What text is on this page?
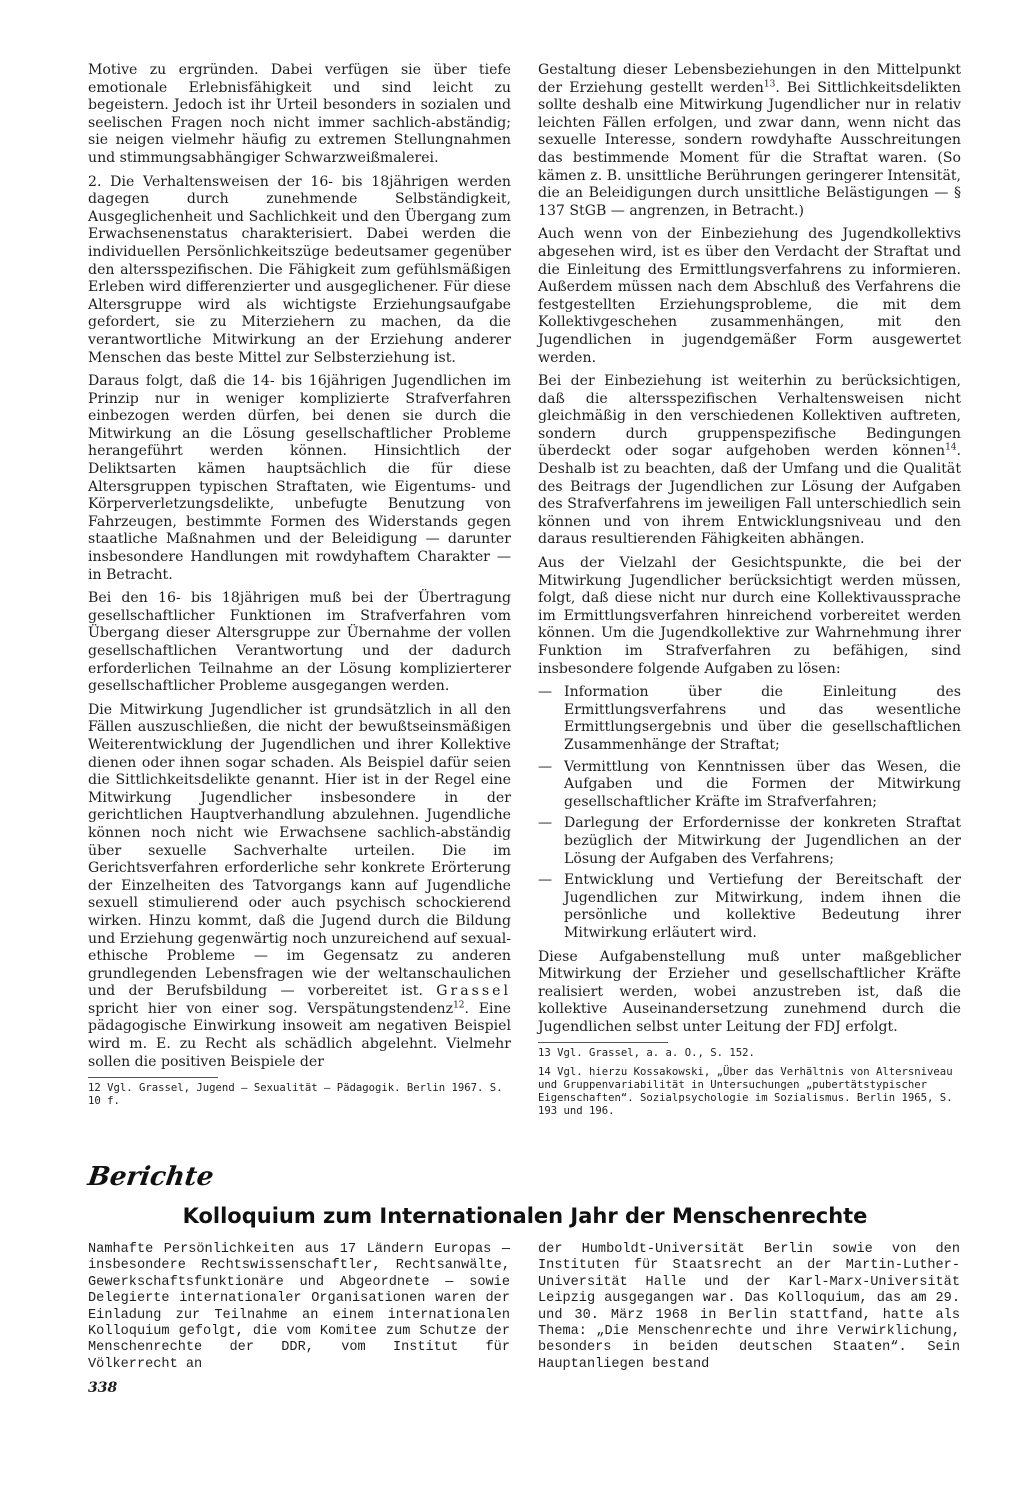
Motive zu ergründen. Dabei verfügen sie über tiefe emotionale Erlebnisfähigkeit und sind leicht zu begeistern. Jedoch ist ihr Urteil besonders in sozialen und seelischen Fragen noch nicht immer sachlich-abständig; sie neigen vielmehr häufig zu extremen Stellungnahmen und stimmungsabhängiger Schwarzweißmalerei.

2. Die Verhaltensweisen der 16- bis 18jährigen werden dagegen durch zunehmende Selbständigkeit, Ausgeglichenheit und Sachlichkeit und den Übergang zum Erwachsenenstatus charakterisiert. Dabei werden die individuellen Persönlichkeitszüge bedeutsamer gegenüber den altersspezifischen. Die Fähigkeit zum gefühlsmäßigen Erleben wird differenzierter und ausgeglichener. Für diese Altersgruppe wird als wichtigste Erziehungsaufgabe gefordert, sie zu Miterziehern zu machen, da die verantwortliche Mitwirkung an der Erziehung anderer Menschen das beste Mittel zur Selbsterziehung ist.

Daraus folgt, daß die 14- bis 16jährigen Jugendlichen im Prinzip nur in weniger komplizierte Strafverfahren einbezogen werden dürfen, bei denen sie durch die Mitwirkung an die Lösung gesellschaftlicher Probleme herangeführt werden können. Hinsichtlich der Deliktsarten kämen hauptsächlich die für diese Altersgruppen typischen Straftaten, wie Eigentums- und Körperverletzungsdelikte, unbefugte Benutzung von Fahrzeugen, bestimmte Formen des Widerstands gegen staatliche Maßnahmen und der Beleidigung — darunter insbesondere Handlungen mit rowdyhaftem Charakter — in Betracht.

Bei den 16- bis 18jährigen muß bei der Übertragung gesellschaftlicher Funktionen im Strafverfahren vom Übergang dieser Altersgruppe zur Übernahme der vollen gesellschaftlichen Verantwortung und der dadurch erforderlichen Teilnahme an der Lösung komplizierterer gesellschaftlicher Probleme ausgegangen werden.

Die Mitwirkung Jugendlicher ist grundsätzlich in all den Fällen auszuschließen, die nicht der bewußtseinsmäßigen Weiterentwicklung der Jugendlichen und ihrer Kollektive dienen oder ihnen sogar schaden. Als Beispiel dafür seien die Sittlichkeitsdelikte genannt. Hier ist in der Regel eine Mitwirkung Jugendlicher insbesondere in der gerichtlichen Hauptverhandlung abzulehnen. Jugendliche können noch nicht wie Erwachsene sachlich-abständig über sexuelle Sachverhalte urteilen. Die im Gerichtsverfahren erforderliche sehr konkrete Erörterung der Einzelheiten des Tatvorgangs kann auf Jugendliche sexuell stimulierend oder auch psychisch schockierend wirken. Hinzu kommt, daß die Jugend durch die Bildung und Erziehung gegenwärtig noch unzureichend auf sexual-ethische Probleme — im Gegensatz zu anderen grundlegenden Lebensfragen wie der weltanschaulichen und der Berufsbildung — vorbereitet ist. Grassel spricht hier von einer sog. Verspätungstendenz$^{12}$. Eine pädagogische Einwirkung insoweit am negativen Beispiel wird m. E. zu Recht als schädlich abgelehnt. Vielmehr sollen die positiven Beispiele der

12 Vgl. Grassel, Jugend — Sexualität — Pädagogik. Berlin 1967. S. 10 f.

Gestaltung dieser Lebensbeziehungen in den Mittelpunkt der Erziehung gestellt werden$^{13}$. Bei Sittlichkeitsdelikten sollte deshalb eine Mitwirkung Jugendlicher nur in relativ leichten Fällen erfolgen, und zwar dann, wenn nicht das sexuelle Interesse, sondern rowdyhafte Ausschreitungen das bestimmende Moment für die Straftat waren. (So kämen z. B. unsittliche Berührungen geringerer Intensität, die an Beleidigungen durch unsittliche Belästigungen — § 137 StGB — angrenzen, in Betracht.)

Auch wenn von der Einbeziehung des Jugendkollektivs abgesehen wird, ist es über den Verdacht der Straftat und die Einleitung des Ermittlungsverfahrens zu informieren. Außerdem müssen nach dem Abschluß des Verfahrens die festgestellten Erziehungsprobleme, die mit dem Kollektivgeschehen zusammenhängen, mit den Jugendlichen in jugendgemäßer Form ausgewertet werden.

Bei der Einbeziehung ist weiterhin zu berücksichtigen, daß die altersspezifischen Verhaltensweisen nicht gleichmäßig in den verschiedenen Kollektiven auftreten, sondern durch gruppenspezifische Bedingungen überdeckt oder sogar aufgehoben werden können$^{14}$. Deshalb ist zu beachten, daß der Umfang und die Qualität des Beitrags der Jugendlichen zur Lösung der Aufgaben des Strafverfahrens im jeweiligen Fall unterschiedlich sein können und von ihrem Entwicklungsniveau und den daraus resultierenden Fähigkeiten abhängen.

Aus der Vielzahl der Gesichtspunkte, die bei der Mitwirkung Jugendlicher berücksichtigt werden müssen, folgt, daß diese nicht nur durch eine Kollektivaussprache im Ermittlungsverfahren hinreichend vorbereitet werden können. Um die Jugendkollektive zur Wahrnehmung ihrer Funktion im Strafverfahren zu befähigen, sind insbesondere folgende Aufgaben zu lösen:

— Information über die Einleitung des Ermittlungsverfahrens und das wesentliche Ermittlungsergebnis und über die gesellschaftlichen Zusammenhänge der Straftat;
— Vermittlung von Kenntnissen über das Wesen, die Aufgaben und die Formen der Mitwirkung gesellschaftlicher Kräfte im Strafverfahren;
— Darlegung der Erfordernisse der konkreten Straftat bezüglich der Mitwirkung der Jugendlichen an der Lösung der Aufgaben des Verfahrens;
— Entwicklung und Vertiefung der Bereitschaft der Jugendlichen zur Mitwirkung, indem ihnen die persönliche und kollektive Bedeutung ihrer Mitwirkung erläutert wird.

Diese Aufgabenstellung muß unter maßgeblicher Mitwirkung der Erzieher und gesellschaftlicher Kräfte realisiert werden, wobei anzustreben ist, daß die kollektive Auseinandersetzung zunehmend durch die Jugendlichen selbst unter Leitung der FDJ erfolgt.

13 Vgl. Grassel, a. a. O., S. 152.

14 Vgl. hierzu Kossakowski, „Über das Verhältnis von Altersniveau und Gruppenvariabilität in Untersuchungen „pubertätstypischer Eigenschaften“. Sozialpsychologie im Sozialismus. Berlin 1965, S. 193 und 196.

Berichte
Kolloquium zum Internationalen Jahr der Menschenrechte

Namhafte Persönlichkeiten aus 17 Ländern Europas — insbesondere Rechtswissenschaftler, Rechtsanwälte, Gewerkschaftsfunktionäre und Abgeordnete — sowie Delegierte internationaler Organisationen waren der Einladung zur Teilnahme an einem internationalen Kolloquium gefolgt, die vom Komitee zum Schutze der Menschenrechte der DDR, vom Institut für Völkerrecht an

der Humboldt-Universität Berlin sowie von den Instituten für Staatsrecht an der Martin-Luther-Universität Halle und der Karl-Marx-Universität Leipzig ausgegangen war. Das Kolloquium, das am 29. und 30. März 1968 in Berlin stattfand, hatte als Thema: „Die Menschenrechte und ihre Verwirklichung, besonders in beiden deutschen Staaten“. Sein Hauptanliegen bestand

338
